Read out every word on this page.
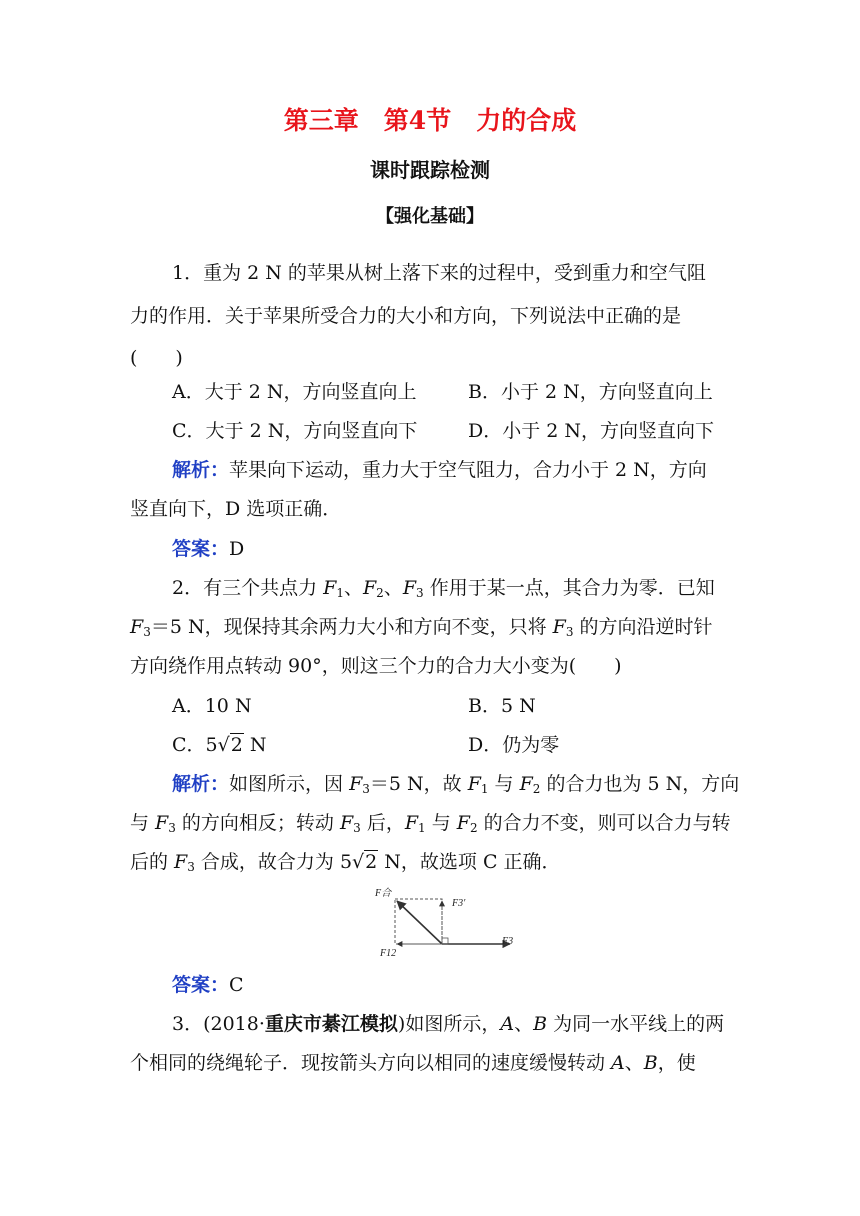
第三章　第4节　力的合成
课时跟踪检测
【强化基础】
1．重为 2 N 的苹果从树上落下来的过程中，受到重力和空气阻
力的作用．关于苹果所受合力的大小和方向，下列说法中正确的是
(　　)
A．大于 2 N，方向竖直向上	B．小于 2 N，方向竖直向上
C．大于 2 N，方向竖直向下	D．小于 2 N，方向竖直向下
解析：苹果向下运动，重力大于空气阻力，合力小于 2 N，方向
竖直向下，D 选项正确．
答案：D
2．有三个共点力 $F_1$、$F_2$、$F_3$ 作用于某一点，其合力为零．已知
$F_3=5$ N，现保持其余两力大小和方向不变，只将 $F_3$ 的方向沿逆时针
方向绕作用点转动 90°，则这三个力的合力大小变为(　　)
A．10 N	B．5 N
C．5√2 N	D．仍为零
解析：如图所示，因 $F_3=5$ N，故 $F_1$ 与 $F_2$ 的合力也为 5 N，方向
与 $F_3$ 的方向相反；转动 $F_3$ 后，$F_1$ 与 $F_2$ 的合力不变，则可以合力与转
后的 $F_3$ 合成，故合力为 5√2 N，故选项 C 正确．
F合
F3′
F12
F3
答案：C
3．(2018·重庆市綦江模拟)如图所示，A、B 为同一水平线上的两
个相同的绕绳轮子．现按箭头方向以相同的速度缓慢转动 A、B，使
